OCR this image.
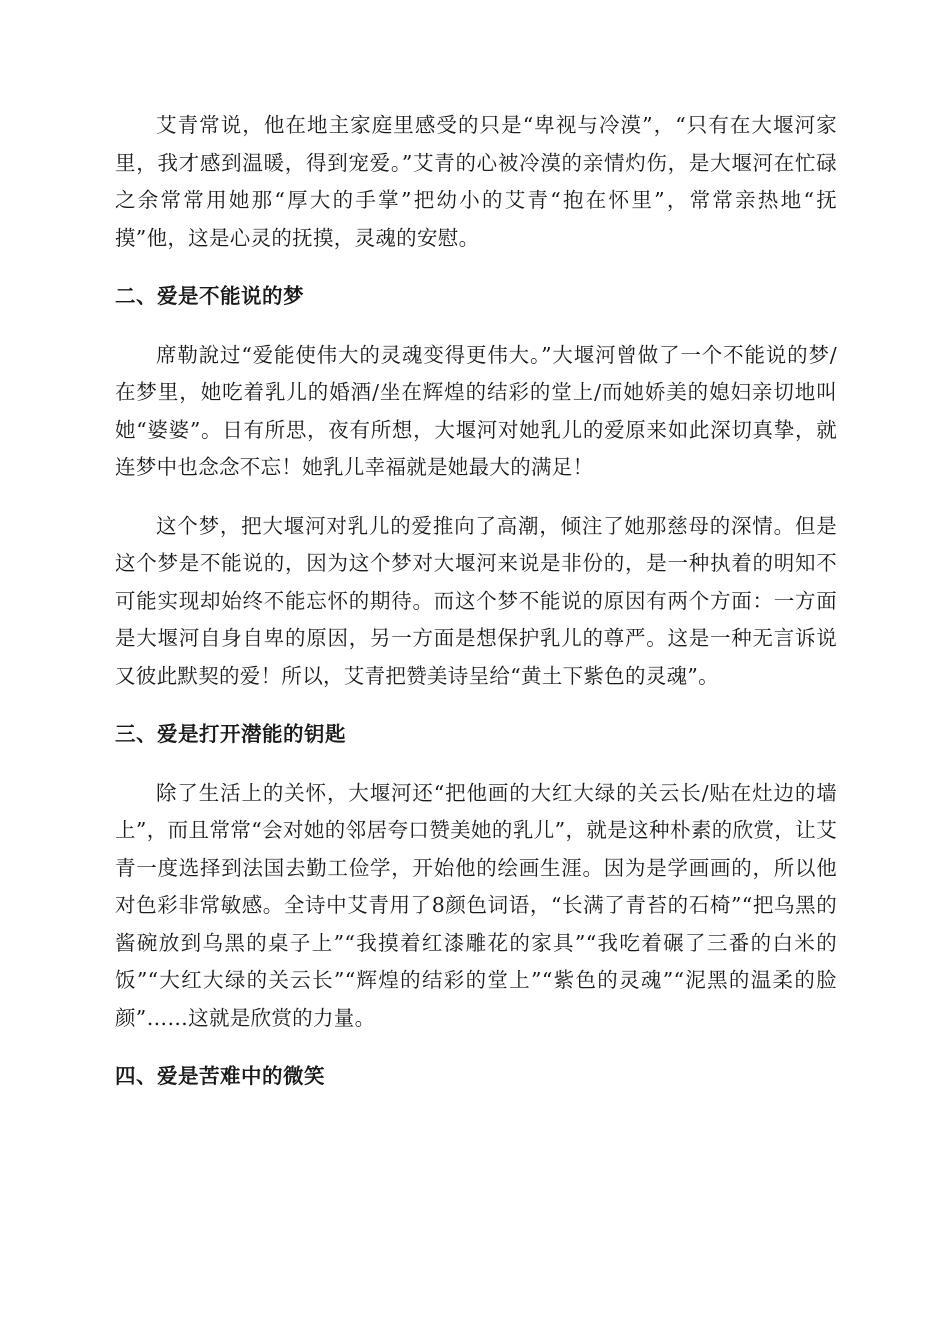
艾青常说，他在地主家庭里感受的只是“卑视与冷漠”，“只有在大堰河家里，我才感到温暖，得到宠爱。”艾青的心被冷漠的亲情灼伤，是大堰河在忙碌之余常常用她那“厚大的手掌”把幼小的艾青“抱在怀里”，常常亲热地“抚摸”他，这是心灵的抚摸，灵魂的安慰。

二、爱是不能说的梦

席勒說过“爱能使伟大的灵魂变得更伟大。”大堰河曾做了一个不能说的梦/在梦里，她吃着乳儿的婚酒/坐在辉煌的结彩的堂上/而她娇美的媳妇亲切地叫她“婆婆”。日有所思，夜有所想，大堰河对她乳儿的爱原来如此深切真挚，就连梦中也念念不忘！她乳儿幸福就是她最大的满足！

这个梦，把大堰河对乳儿的爱推向了高潮，倾注了她那慈母的深情。但是这个梦是不能说的，因为这个梦对大堰河来说是非份的，是一种执着的明知不可能实现却始终不能忘怀的期待。而这个梦不能说的原因有两个方面：一方面是大堰河自身自卑的原因，另一方面是想保护乳儿的尊严。这是一种无言诉说又彼此默契的爱！所以，艾青把赞美诗呈给“黄土下紫色的灵魂”。

三、爱是打开潜能的钥匙

除了生活上的关怀，大堰河还“把他画的大红大绿的关云长/贴在灶边的墙上”，而且常常“会对她的邻居夸口赞美她的乳儿”，就是这种朴素的欣赏，让艾青一度选择到法国去勤工俭学，开始他的绘画生涯。因为是学画画的，所以他对色彩非常敏感。全诗中艾青用了8颜色词语，“长满了青苔的石椅”“把乌黑的酱碗放到乌黑的桌子上”“我摸着红漆雕花的家具”“我吃着碾了三番的白米的饭”“大红大绿的关云长”“辉煌的结彩的堂上”“紫色的灵魂”“泥黑的温柔的脸颜”……这就是欣赏的力量。

四、爱是苦难中的微笑
